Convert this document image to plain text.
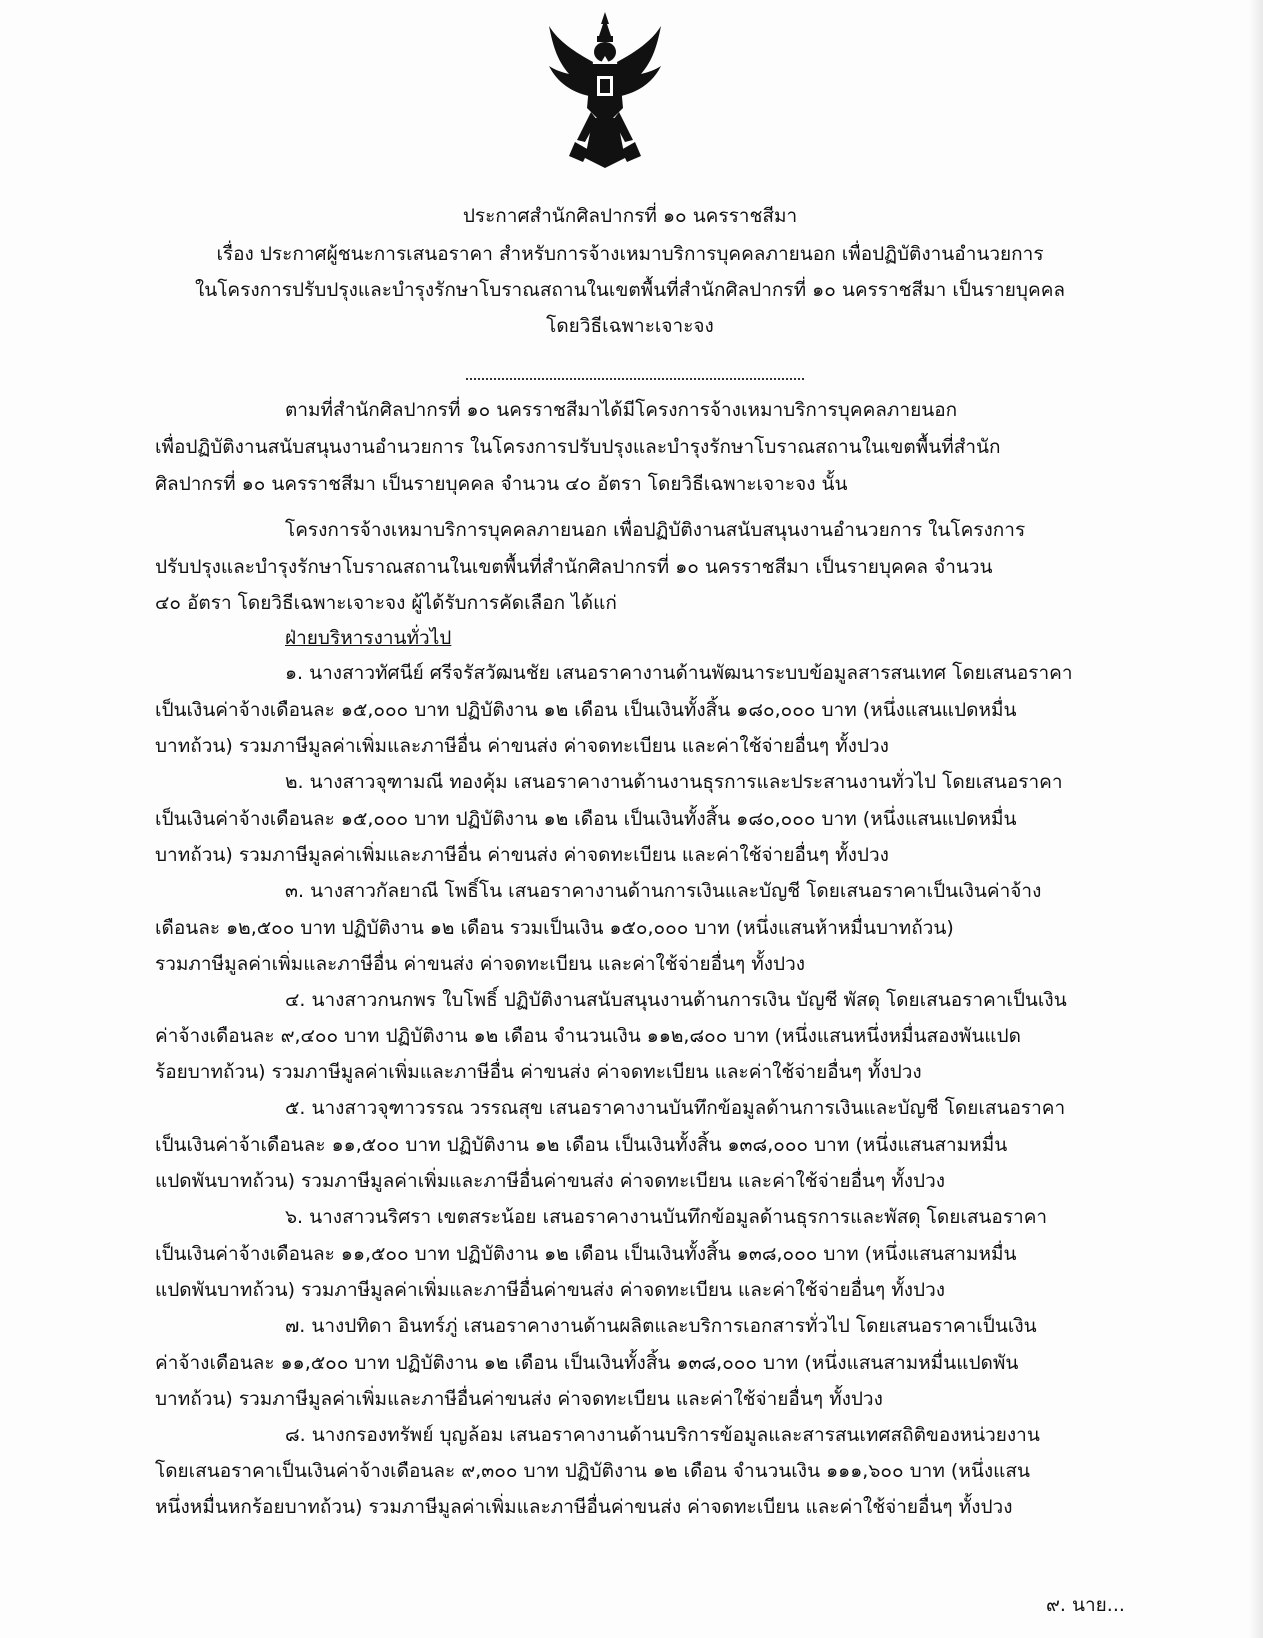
ประกาศสำนักศิลปากรที่ ๑๐ นครราชสีมา
เรื่อง ประกาศผู้ชนะการเสนอราคา สำหรับการจ้างเหมาบริการบุคคลภายนอก เพื่อปฏิบัติงานอำนวยการ
ในโครงการปรับปรุงและบำรุงรักษาโบราณสถานในเขตพื้นที่สำนักศิลปากรที่ ๑๐ นครราชสีมา เป็นรายบุคคล
โดยวิธีเฉพาะเจาะจง
ตามที่สำนักศิลปากรที่ ๑๐ นครราชสีมาได้มีโครงการจ้างเหมาบริการบุคคลภายนอก
เพื่อปฏิบัติงานสนับสนุนงานอำนวยการ ในโครงการปรับปรุงและบำรุงรักษาโบราณสถานในเขตพื้นที่สำนัก
ศิลปากรที่ ๑๐ นครราชสีมา เป็นรายบุคคล จำนวน ๔๐ อัตรา โดยวิธีเฉพาะเจาะจง นั้น
โครงการจ้างเหมาบริการบุคคลภายนอก เพื่อปฏิบัติงานสนับสนุนงานอำนวยการ ในโครงการ
ปรับปรุงและบำรุงรักษาโบราณสถานในเขตพื้นที่สำนักศิลปากรที่ ๑๐ นครราชสีมา เป็นรายบุคคล จำนวน
๔๐ อัตรา โดยวิธีเฉพาะเจาะจง ผู้ได้รับการคัดเลือก ได้แก่
ฝ่ายบริหารงานทั่วไป
๑. นางสาวทัศนีย์ ศรีจรัสวัฒนชัย เสนอราคางานด้านพัฒนาระบบข้อมูลสารสนเทศ โดยเสนอราคา
เป็นเงินค่าจ้างเดือนละ ๑๕,๐๐๐ บาท ปฏิบัติงาน ๑๒ เดือน เป็นเงินทั้งสิ้น ๑๘๐,๐๐๐ บาท (หนึ่งแสนแปดหมื่น
บาทถ้วน) รวมภาษีมูลค่าเพิ่มและภาษีอื่น ค่าขนส่ง ค่าจดทะเบียน และค่าใช้จ่ายอื่นๆ ทั้งปวง
๒. นางสาวจุฑามณี ทองคุ้ม เสนอราคางานด้านงานธุรการและประสานงานทั่วไป โดยเสนอราคา
เป็นเงินค่าจ้างเดือนละ ๑๕,๐๐๐ บาท ปฏิบัติงาน ๑๒ เดือน เป็นเงินทั้งสิ้น ๑๘๐,๐๐๐ บาท (หนึ่งแสนแปดหมื่น
บาทถ้วน) รวมภาษีมูลค่าเพิ่มและภาษีอื่น ค่าขนส่ง ค่าจดทะเบียน และค่าใช้จ่ายอื่นๆ ทั้งปวง
๓. นางสาวกัลยาณี โพธิ์โน เสนอราคางานด้านการเงินและบัญชี โดยเสนอราคาเป็นเงินค่าจ้าง
เดือนละ ๑๒,๕๐๐ บาท ปฏิบัติงาน ๑๒ เดือน รวมเป็นเงิน ๑๕๐,๐๐๐ บาท (หนึ่งแสนห้าหมื่นบาทถ้วน)
รวมภาษีมูลค่าเพิ่มและภาษีอื่น ค่าขนส่ง ค่าจดทะเบียน และค่าใช้จ่ายอื่นๆ ทั้งปวง
๔. นางสาวกนกพร ใบโพธิ์ ปฏิบัติงานสนับสนุนงานด้านการเงิน บัญชี พัสดุ โดยเสนอราคาเป็นเงิน
ค่าจ้างเดือนละ ๙,๔๐๐ บาท ปฏิบัติงาน ๑๒ เดือน จำนวนเงิน ๑๑๒,๘๐๐ บาท (หนึ่งแสนหนึ่งหมื่นสองพันแปด
ร้อยบาทถ้วน) รวมภาษีมูลค่าเพิ่มและภาษีอื่น ค่าขนส่ง ค่าจดทะเบียน และค่าใช้จ่ายอื่นๆ ทั้งปวง
๕. นางสาวจุฑาวรรณ วรรณสุข เสนอราคางานบันทึกข้อมูลด้านการเงินและบัญชี โดยเสนอราคา
เป็นเงินค่าจ้าเดือนละ ๑๑,๕๐๐ บาท ปฏิบัติงาน ๑๒ เดือน เป็นเงินทั้งสิ้น ๑๓๘,๐๐๐ บาท (หนึ่งแสนสามหมื่น
แปดพันบาทถ้วน) รวมภาษีมูลค่าเพิ่มและภาษีอื่นค่าขนส่ง ค่าจดทะเบียน และค่าใช้จ่ายอื่นๆ ทั้งปวง
๖. นางสาวนริศรา เขตสระน้อย เสนอราคางานบันทึกข้อมูลด้านธุรการและพัสดุ โดยเสนอราคา
เป็นเงินค่าจ้างเดือนละ ๑๑,๕๐๐ บาท ปฏิบัติงาน ๑๒ เดือน เป็นเงินทั้งสิ้น ๑๓๘,๐๐๐ บาท (หนึ่งแสนสามหมื่น
แปดพันบาทถ้วน) รวมภาษีมูลค่าเพิ่มและภาษีอื่นค่าขนส่ง ค่าจดทะเบียน และค่าใช้จ่ายอื่นๆ ทั้งปวง
๗. นางปทิดา อินทร์ภู่ เสนอราคางานด้านผลิตและบริการเอกสารทั่วไป โดยเสนอราคาเป็นเงิน
ค่าจ้างเดือนละ ๑๑,๕๐๐ บาท ปฏิบัติงาน ๑๒ เดือน เป็นเงินทั้งสิ้น ๑๓๘,๐๐๐ บาท (หนึ่งแสนสามหมื่นแปดพัน
บาทถ้วน) รวมภาษีมูลค่าเพิ่มและภาษีอื่นค่าขนส่ง ค่าจดทะเบียน และค่าใช้จ่ายอื่นๆ ทั้งปวง
๘. นางกรองทรัพย์ บุญล้อม เสนอราคางานด้านบริการข้อมูลและสารสนเทศสถิติของหน่วยงาน
โดยเสนอราคาเป็นเงินค่าจ้างเดือนละ ๙,๓๐๐ บาท ปฏิบัติงาน ๑๒ เดือน จำนวนเงิน ๑๑๑,๖๐๐ บาท (หนึ่งแสน
หนึ่งหมื่นหกร้อยบาทถ้วน) รวมภาษีมูลค่าเพิ่มและภาษีอื่นค่าขนส่ง ค่าจดทะเบียน และค่าใช้จ่ายอื่นๆ ทั้งปวง
๙. นาย...
